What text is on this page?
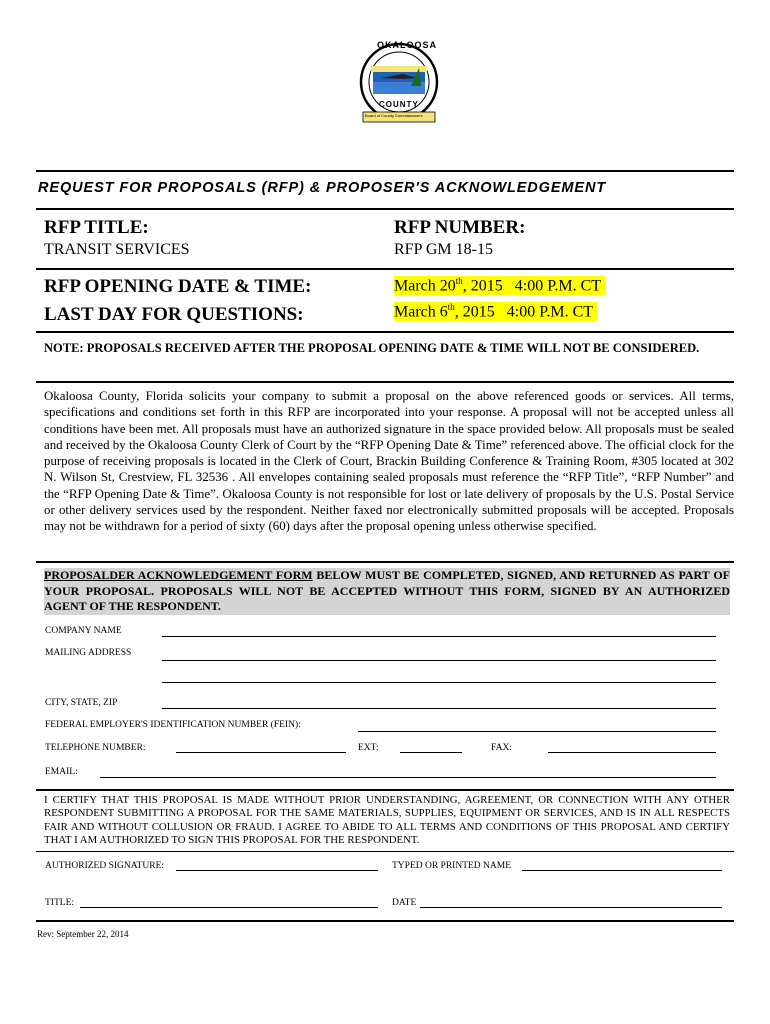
OKALOOSA
COUNTY
Board of County Commissioners
REQUEST FOR PROPOSALS (RFP) & PROPOSER'S ACKNOWLEDGEMENT
RFP TITLE:
TRANSIT SERVICES
RFP NUMBER:
RFP GM 18-15
RFP OPENING DATE & TIME:	March 20th, 2015   4:00 P.M. CT
LAST DAY FOR QUESTIONS:	March 6th, 2015   4:00 P.M. CT
NOTE: PROPOSALS RECEIVED AFTER THE PROPOSAL OPENING DATE & TIME WILL NOT BE CONSIDERED.
Okaloosa County, Florida solicits your company to submit a proposal on the above referenced goods or services. All terms, specifications and conditions set forth in this RFP are incorporated into your response. A proposal will not be accepted unless all conditions have been met. All proposals must have an authorized signature in the space provided below. All proposals must be sealed and received by the Okaloosa County Clerk of Court by the “RFP Opening Date & Time” referenced above. The official clock for the purpose of receiving proposals is located in the Clerk of Court, Brackin Building Conference & Training Room, #305 located at 302 N. Wilson St, Crestview, FL 32536 . All envelopes containing sealed proposals must reference the “RFP Title”, “RFP Number” and the “RFP Opening Date & Time”. Okaloosa County is not responsible for lost or late delivery of proposals by the U.S. Postal Service or other delivery services used by the respondent. Neither faxed nor electronically submitted proposals will be accepted. Proposals may not be withdrawn for a period of sixty (60) days after the proposal opening unless otherwise specified.
PROPOSALDER ACKNOWLEDGEMENT FORM BELOW MUST BE COMPLETED, SIGNED, AND RETURNED AS PART OF YOUR PROPOSAL. PROPOSALS WILL NOT BE ACCEPTED WITHOUT THIS FORM, SIGNED BY AN AUTHORIZED AGENT OF THE RESPONDENT.
COMPANY NAME
MAILING ADDRESS
CITY, STATE, ZIP
FEDERAL EMPLOYER'S IDENTIFICATION NUMBER (FEIN):
TELEPHONE NUMBER:	EXT:	FAX:
EMAIL:
I CERTIFY THAT THIS PROPOSAL IS MADE WITHOUT PRIOR UNDERSTANDING, AGREEMENT, OR CONNECTION WITH ANY OTHER RESPONDENT SUBMITTING A PROPOSAL FOR THE SAME MATERIALS, SUPPLIES, EQUIPMENT OR SERVICES, AND IS IN ALL RESPECTS FAIR AND WITHOUT COLLUSION OR FRAUD. I AGREE TO ABIDE TO ALL TERMS AND CONDITIONS OF THIS PROPOSAL AND CERTIFY THAT I AM AUTHORIZED TO SIGN THIS PROPOSAL FOR THE RESPONDENT.
AUTHORIZED SIGNATURE:	TYPED OR PRINTED NAME
TITLE:	DATE
Rev: September 22, 2014
